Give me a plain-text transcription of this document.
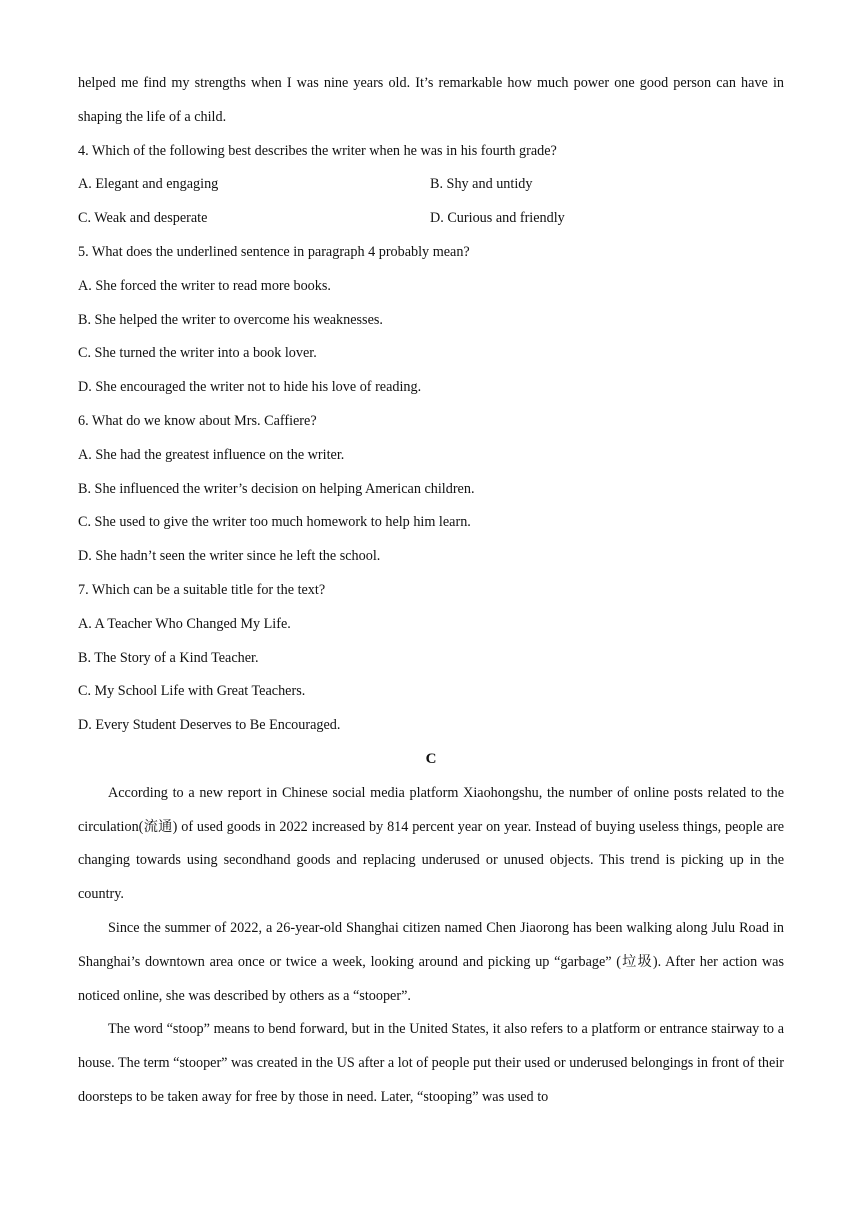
helped me find my strengths when I was nine years old. It’s remarkable how much power one good person can have in shaping the life of a child.

4. Which of the following best describes the writer when he was in his fourth grade?

A. Elegant and engaging	B. Shy and untidy
C. Weak and desperate	D. Curious and friendly

5. What does the underlined sentence in paragraph 4 probably mean?

A. She forced the writer to read more books.

B. She helped the writer to overcome his weaknesses.

C. She turned the writer into a book lover.

D. She encouraged the writer not to hide his love of reading.

6. What do we know about Mrs. Caffiere?

A. She had the greatest influence on the writer.

B. She influenced the writer’s decision on helping American children.

C. She used to give the writer too much homework to help him learn.

D. She hadn’t seen the writer since he left the school.

7. Which can be a suitable title for the text?

A. A Teacher Who Changed My Life.

B. The Story of a Kind Teacher.

C. My School Life with Great Teachers.

D. Every Student Deserves to Be Encouraged.

C

According to a new report in Chinese social media platform Xiaohongshu, the number of online posts related to the circulation(流通) of used goods in 2022 increased by 814 percent year on year. Instead of buying useless things, people are changing towards using secondhand goods and replacing underused or unused objects. This trend is picking up in the country.

Since the summer of 2022, a 26-year-old Shanghai citizen named Chen Jiaorong has been walking along Julu Road in Shanghai’s downtown area once or twice a week, looking around and picking up “garbage” (垃圾). After her action was noticed online, she was described by others as a “stooper”.

The word “stoop” means to bend forward, but in the United States, it also refers to a platform or entrance stairway to a house. The term “stooper” was created in the US after a lot of people put their used or underused belongings in front of their doorsteps to be taken away for free by those in need. Later, “stooping” was used to
